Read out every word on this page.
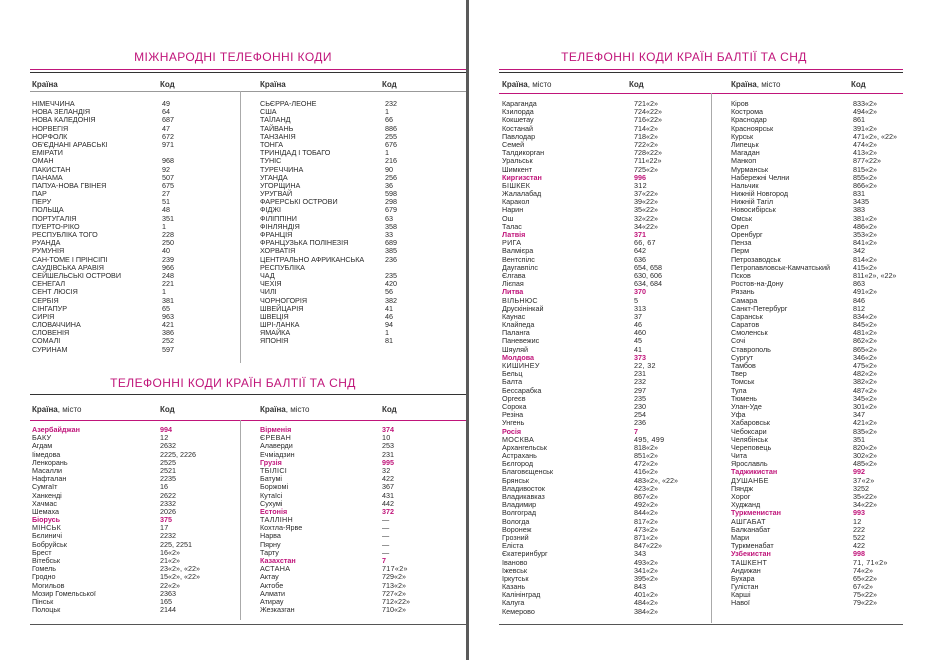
МІЖНАРОДНІ ТЕЛЕФОННІ КОДИ
Країна	Код	Країна	Код
НІМЕЧЧИНА	49
НОВА ЗЕЛАНДІЯ	64
НОВА КАЛЕДОНІЯ	687
НОРВЕГІЯ	47
НОРФОЛК	672
ОБ'ЄДНАНІ АРАБСЬКІ	971
ЕМІРАТИ
ОМАН	968
ПАКИСТАН	92
ПАНАМА	507
ПАПУА-НОВА ГВІНЕЯ	675
ПАР	27
ПЕРУ	51
ПОЛЬЩА	48
ПОРТУГАЛІЯ	351
ПУЕРТО-РІКО	1
РЕСПУБЛІКА ТОГО	228
РУАНДА	250
РУМУНІЯ	40
САН-ТОМЕ І ПРІНСІПІ	239
САУДІВСЬКА АРАВІЯ	966
СЕЙШЕЛЬСЬКІ ОСТРОВИ	248
СЕНЕГАЛ	221
СЕНТ ЛЮСІЯ	1
СЕРБІЯ	381
СІНГАПУР	65
СИРІЯ	963
СЛОВАЧЧИНА	421
СЛОВЕНІЯ	386
СОМАЛІ	252
СУРИНАМ	597
СЬЄРРА-ЛЕОНЕ	232
США	1
ТАЇЛАНД	66
ТАЙВАНЬ	886
ТАНЗАНІЯ	255
ТОНГА	676
ТРИНІДАД І ТОБАГО	1
ТУНІС	216
ТУРЕЧЧИНА	90
УГАНДА	256
УГОРЩИНА	36
УРУГВАЙ	598
ФАРЕРСЬКІ ОСТРОВИ	298
ФІДЖІ	679
ФІЛІППІНИ	63
ФІНЛЯНДІЯ	358
ФРАНЦІЯ	33
ФРАНЦУЗЬКА ПОЛІНЕЗІЯ	689
ХОРВАТІЯ	385
ЦЕНТРАЛЬНО АФРИКАНСЬКА	236
РЕСПУБЛІКА
ЧАД	235
ЧЕХІЯ	420
ЧИЛІ	56
ЧОРНОГОРІЯ	382
ШВЕЙЦАРІЯ	41
ШВЕЦІЯ	46
ШРІ-ЛАНКА	94
ЯМАЙКА	1
ЯПОНІЯ	81
ТЕЛЕФОННІ КОДИ КРАЇН БАЛТІЇ ТА СНД
Країна, місто	Код	Країна, місто	Код
Азербайджан	994
БАКУ	12
Агдам	2632
Іімедова	2225, 2226
Ленкорань	2525
Масалли	2521
Нафталан	2235
Сумгаїт	16
Ханкенді	2622
Хачмас	2332
Шемаха	2026
Біорусь	375
МІНСЬК	17
Бєлиничі	2232
Бобруйськ	225, 2251
Брест	16«2»
Вітебськ	21«2»
Гомель	23«2», «22»
Гродно	15«2», «22»
Могильов	22«2»
Мозир Гомельської	2363
Пінськ	165
Полоцьк	2144
Вірменія	374
ЄРЕВАН	10
Алаверди	253
Ечміадзин	231
Грузія	995
ТБІЛІСІ	32
Батумі	422
Боржомі	367
Кутаїсі	431
Сухумі	442
Естонія	372
ТАЛЛІНН	—
Кохтла-Ярве	—
Нарва	—
Пярну	—
Тарту	—
Казахстан	7
АСТАНА	717«2»
Актау	729«2»
Актобе	713«2»
Алмати	727«2»
Атирау	712«22»
Жезказган	710«2»
ТЕЛЕФОННІ КОДИ КРАЇН БАЛТІЇ ТА СНД
Країна, місто	Код	Країна, місто	Код
Караганда	721«2»
Кзилорда	724«22»
Кокшетау	716«22»
Костанай	714«2»
Павлодар	718«2»
Семей	722«2»
Талдикорган	728«22»
Уральськ	711«22»
Шимкент	725«2»
Киргизстан	996
БІШКЕК	312
Жалалабад	37«22»
Каракол	39«22»
Нарин	35«22»
Ош	32«22»
Талас	34«22»
Латвія	371
РИГА	66, 67
Валмієра	642
Вентспілс	636
Даугавпілс	654, 658
Єлгава	630, 606
Лієпая	634, 684
Литва	370
ВІЛЬНЮС	5
Друскінінкай	313
Каунас	37
Клайпеда	46
Паланга	460
Паневежис	45
Шяуляй	41
Молдова	373
КИШИНЕУ	22, 32
Бельц	231
Балта	232
Бессарабка	297
Оргеєв	235
Сорока	230
Резіна	254
Унгень	236
Росія	7
МОСКВА	495, 499
Архангельськ	818«2»
Астрахань	851«2»
Бєлгород	472«2»
Благовєщенськ	416«2»
Брянськ	483«2», «22»
Владивосток	423«2»
Владикавказ	867«2»
Владимир	492«2»
Волгоград	844«2»
Вологда	817«2»
Воронеж	473«2»
Грозний	871«2»
Еліста	847«22»
Єкатеринбург	343
Іваново	493«2»
Іжевськ	341«2»
Іркутськ	395«2»
Казань	843
Калінінград	401«2»
Калуга	484«2»
Кемерово	384«2»
Кіров	833«2»
Кострома	494«2»
Краснодар	861
Красноярськ	391«2»
Курськ	471«2», «22»
Липецьк	474«2»
Магадан	413«2»
Манкоп	877«22»
Мурманськ	815«2»
Набережні Челни	855«2»
Нальчик	866«2»
Нижній Новгород	831
Нижній Тагіл	3435
Новосибірськ	383
Омськ	381«2»
Орел	486«2»
Оренбург	353«2»
Пенза	841«2»
Перм	342
Петрозаводськ	814«2»
Петропавловськ-Камчатський	415«2»
Псков	811«2», «22»
Ростов-на-Дону	863
Рязань	491«2»
Самара	846
Санкт-Петербург	812
Саранськ	834«2»
Саратов	845«2»
Смоленськ	481«2»
Сочі	862«2»
Ставрополь	865«2»
Сургут	346«2»
Тамбов	475«2»
Твер	482«2»
Томськ	382«2»
Тула	487«2»
Тюмень	345«2»
Улан-Уде	301«2»
Уфа	347
Хабаровськ	421«2»
Чебоксари	835«2»
Челябінськ	351
Череповець	820«2»
Чита	302«2»
Ярославль	485«2»
Таджикистан	992
ДУШАНБЕ	37«2»
Пяндж	3252
Хорог	35«22»
Худжанд	34«22»
Туркменистан	993
АШГАБАТ	12
Балканабат	222
Мари	522
Туркменабат	422
Узбекистан	998
ТАШКЕНТ	71, 71«2»
Андижан	74«2»
Бухара	65«22»
Гулістан	67«2»
Карші	75«22»
Навої	79«22»
